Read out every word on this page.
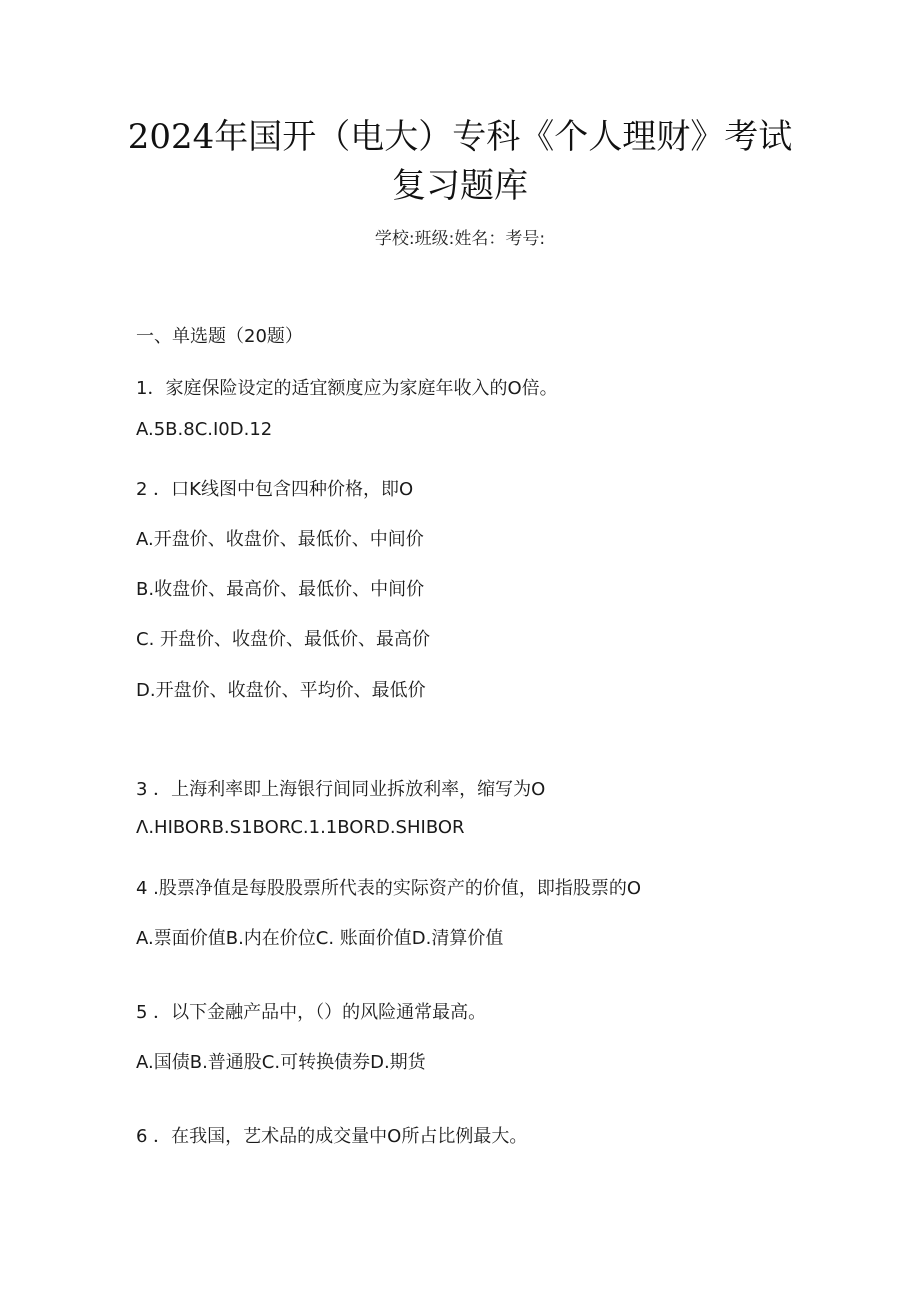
2024年国开（电大）专科《个人理财》考试
复习题库
学校:班级:姓名：考号:
一、单选题（20题）
1．家庭保险设定的适宜额度应为家庭年收入的O倍。
A.5B.8C.I0D.12
2 ．口K线图中包含四种价格，即O
A.开盘价、收盘价、最低价、中间价
B.收盘价、最高价、最低价、中间价
C. 开盘价、收盘价、最低价、最高价
D.开盘价、收盘价、平均价、最低价
3 ．上海利率即上海银行间同业拆放利率，缩写为O
Λ.HIBORB.S1BORC.1.1BORD.SHIBOR
4 .股票净值是每股股票所代表的实际资产的价值，即指股票的O
A.票面价值B.内在价位C. 账面价值D.清算价值
5 ．以下金融产品中，（）的风险通常最高。
A.国债B.普通股C.可转换债券D.期货
6 ．在我国，艺术品的成交量中O所占比例最大。
